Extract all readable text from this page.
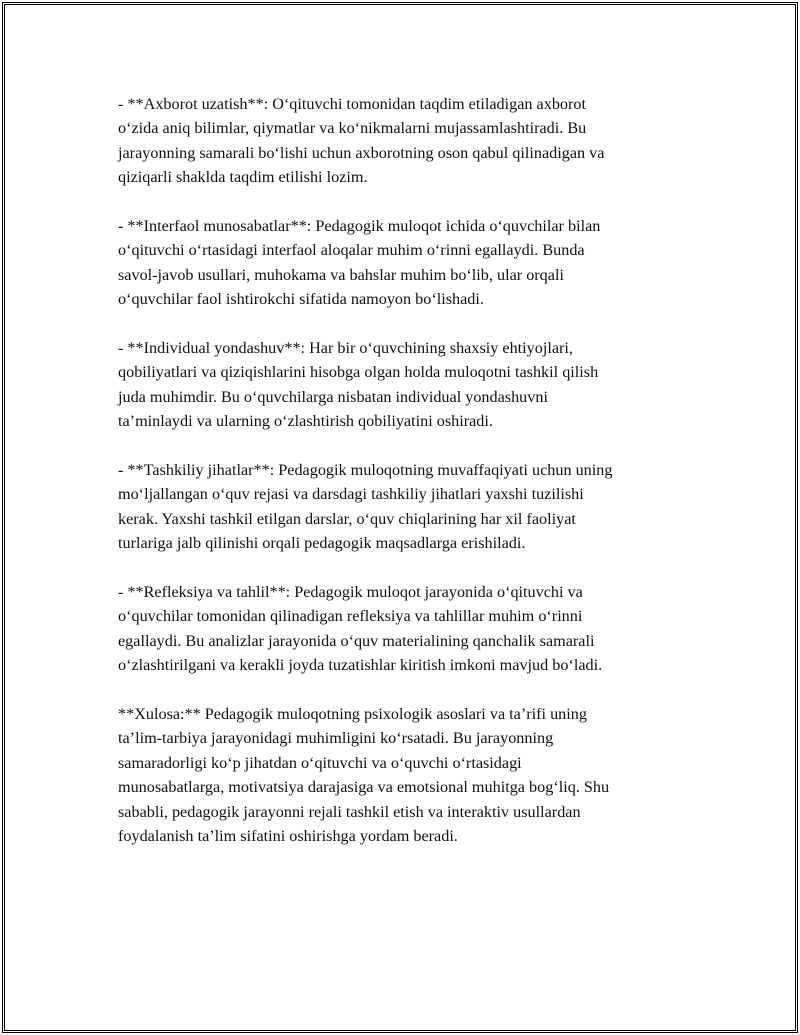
- **Axborot uzatish**: O‘qituvchi tomonidan taqdim etiladigan axborot
o‘zida aniq bilimlar, qiymatlar va ko‘nikmalarni mujassamlashtiradi. Bu
jarayonning samarali bo‘lishi uchun axborotning oson qabul qilinadigan va
qiziqarli shaklda taqdim etilishi lozim.

- **Interfaol munosabatlar**: Pedagogik muloqot ichida o‘quvchilar bilan
o‘qituvchi o‘rtasidagi interfaol aloqalar muhim o‘rinni egallaydi. Bunda
savol-javob usullari, muhokama va bahslar muhim bo‘lib, ular orqali
o‘quvchilar faol ishtirokchi sifatida namoyon bo‘lishadi.

- **Individual yondashuv**: Har bir o‘quvchining shaxsiy ehtiyojlari,
qobiliyatlari va qiziqishlarini hisobga olgan holda muloqotni tashkil qilish
juda muhimdir. Bu o‘quvchilarga nisbatan individual yondashuvni
ta’minlaydi va ularning o‘zlashtirish qobiliyatini oshiradi.

- **Tashkiliy jihatlar**: Pedagogik muloqotning muvaffaqiyati uchun uning
mo‘ljallangan o‘quv rejasi va darsdagi tashkiliy jihatlari yaxshi tuzilishi
kerak. Yaxshi tashkil etilgan darslar, o‘quv chiqlarining har xil faoliyat
turlariga jalb qilinishi orqali pedagogik maqsadlarga erishiladi.

- **Refleksiya va tahlil**: Pedagogik muloqot jarayonida o‘qituvchi va
o‘quvchilar tomonidan qilinadigan refleksiya va tahlillar muhim o‘rinni
egallaydi. Bu analizlar jarayonida o‘quv materialining qanchalik samarali
o‘zlashtirilgani va kerakli joyda tuzatishlar kiritish imkoni mavjud bo‘ladi.

**Xulosa:** Pedagogik muloqotning psixologik asoslari va ta’rifi uning
ta’lim-tarbiya jarayonidagi muhimligini ko‘rsatadi. Bu jarayonning
samaradorligi ko‘p jihatdan o‘qituvchi va o‘quvchi o‘rtasidagi
munosabatlarga, motivatsiya darajasiga va emotsional muhitga bog‘liq. Shu
sababli, pedagogik jarayonni rejali tashkil etish va interaktiv usullardan
foydalanish ta’lim sifatini oshirishga yordam beradi.
